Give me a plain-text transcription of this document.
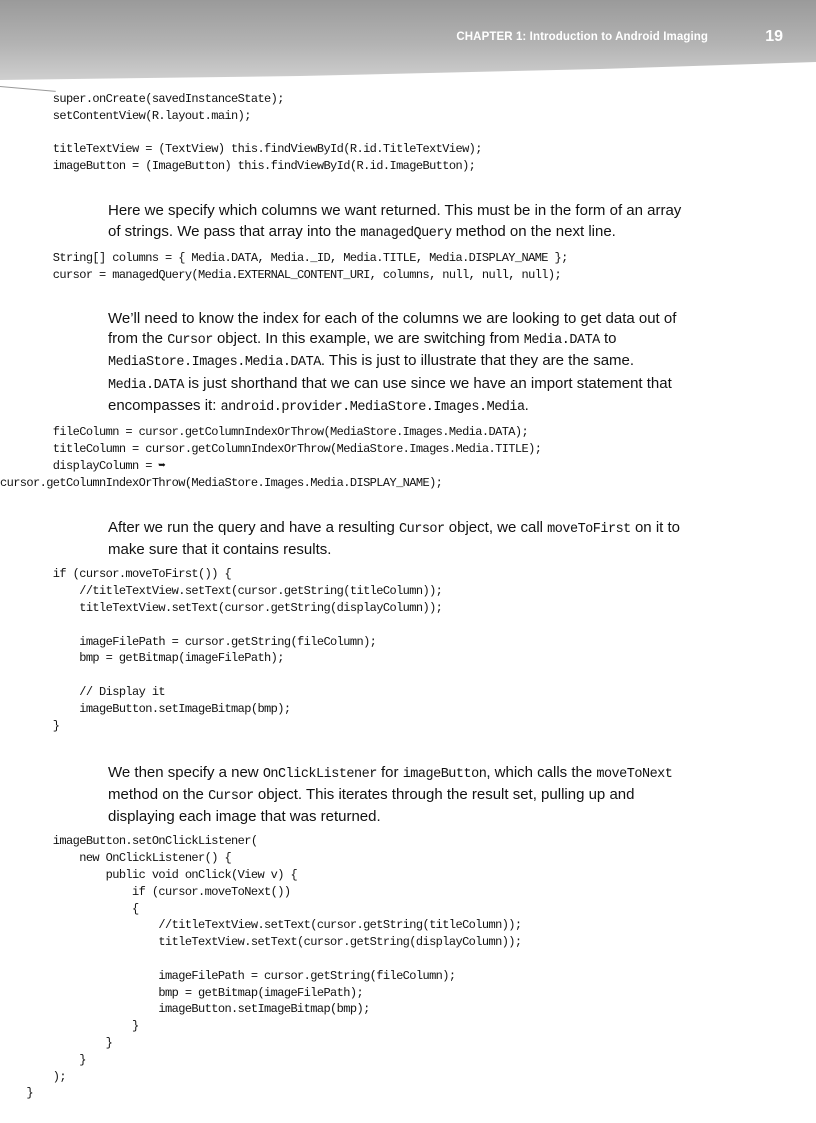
CHAPTER 1: Introduction to Android Imaging	19
super.onCreate(savedInstanceState);
setContentView(R.layout.main);

titleTextView = (TextView) this.findViewById(R.id.TitleTextView);
imageButton = (ImageButton) this.findViewById(R.id.ImageButton);

Here we specify which columns we want returned. This must be in the form of an array
of strings. We pass that array into the managedQuery method on the next line.

String[] columns = { Media.DATA, Media._ID, Media.TITLE, Media.DISPLAY_NAME };
cursor = managedQuery(Media.EXTERNAL_CONTENT_URI, columns, null, null, null);

We’ll need to know the index for each of the columns we are looking to get data out of
from the Cursor object. In this example, we are switching from Media.DATA to
MediaStore.Images.Media.DATA. This is just to illustrate that they are the same.
Media.DATA is just shorthand that we can use since we have an import statement that
encompasses it: android.provider.MediaStore.Images.Media.

fileColumn = cursor.getColumnIndexOrThrow(MediaStore.Images.Media.DATA);
titleColumn = cursor.getColumnIndexOrThrow(MediaStore.Images.Media.TITLE);
displayColumn = ➥
cursor.getColumnIndexOrThrow(MediaStore.Images.Media.DISPLAY_NAME);

After we run the query and have a resulting Cursor object, we call moveToFirst on it to
make sure that it contains results.

if (cursor.moveToFirst()) {
//titleTextView.setText(cursor.getString(titleColumn));
titleTextView.setText(cursor.getString(displayColumn));

imageFilePath = cursor.getString(fileColumn);
bmp = getBitmap(imageFilePath);

// Display it
imageButton.setImageBitmap(bmp);
}

We then specify a new OnClickListener for imageButton, which calls the moveToNext
method on the Cursor object. This iterates through the result set, pulling up and
displaying each image that was returned.

imageButton.setOnClickListener(
new OnClickListener() {
public void onClick(View v) {
if (cursor.moveToNext())
{
//titleTextView.setText(cursor.getString(titleColumn));
titleTextView.setText(cursor.getString(displayColumn));

imageFilePath = cursor.getString(fileColumn);
bmp = getBitmap(imageFilePath);
imageButton.setImageBitmap(bmp);
}
}
}
);
}
